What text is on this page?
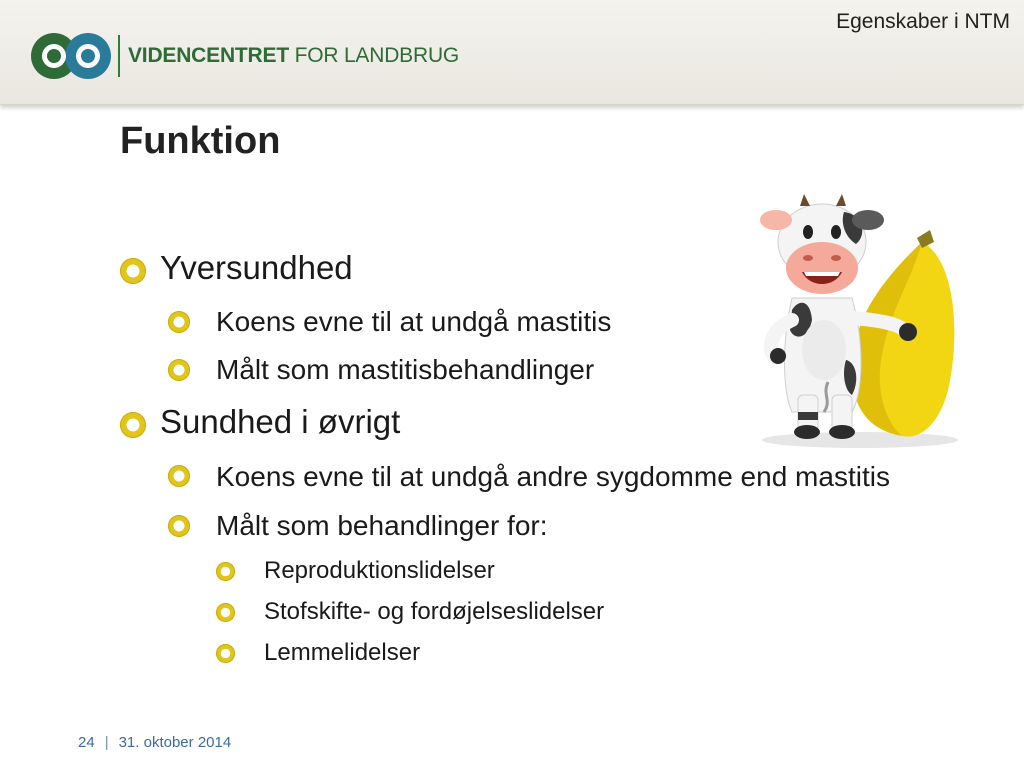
VIDENCENTRET FOR LANDBRUG
Egenskaber i NTM
Funktion
Yversundhed
Koens evne til at undgå mastitis
Målt som mastitisbehandlinger
Sundhed i øvrigt
Koens evne til at undgå andre sygdomme end mastitis
Målt som behandlinger for:
Reproduktionslidelser
Stofskifte- og fordøjelseslidelser
Lemmelidelser
24 | 31. oktober 2014
